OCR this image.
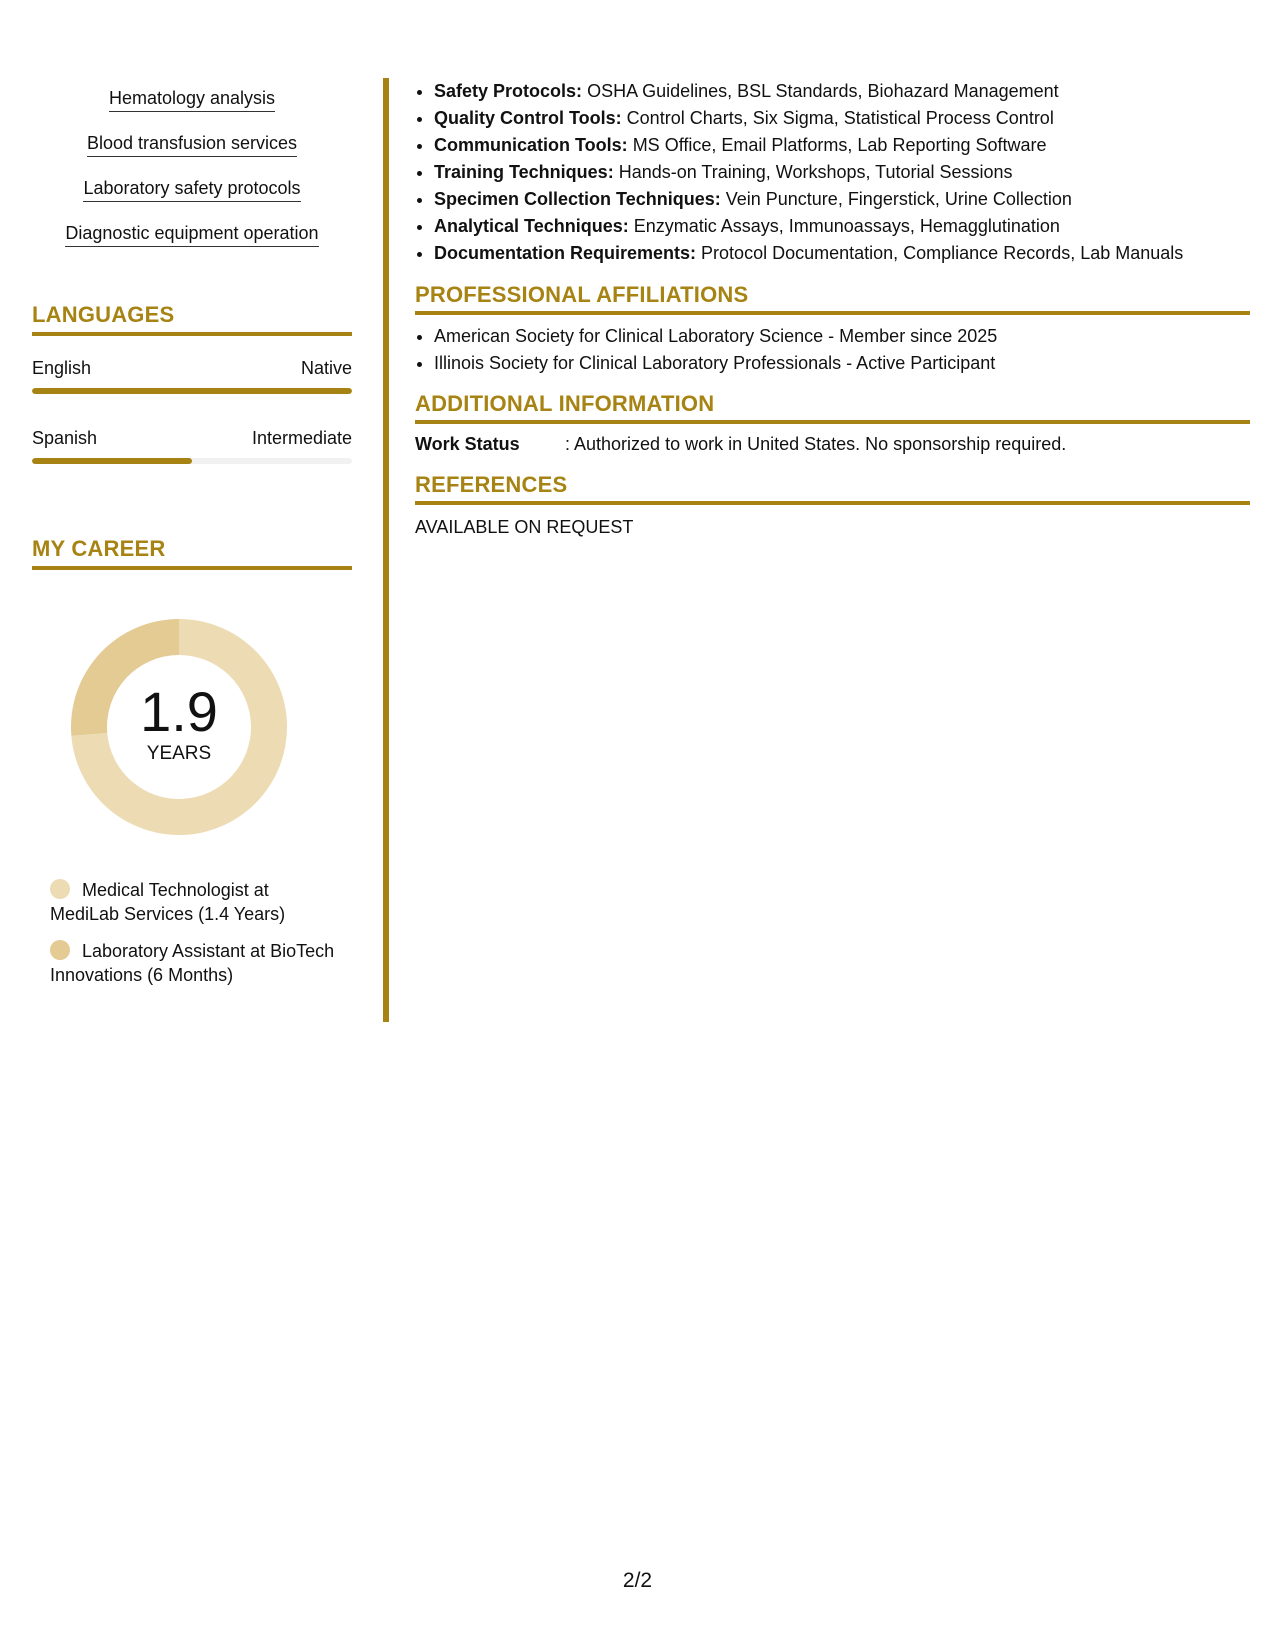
Hematology analysis
Blood transfusion services
Laboratory safety protocols
Diagnostic equipment operation
LANGUAGES
English	Native
Spanish	Intermediate
MY CAREER
1.9
YEARS
Medical Technologist at MediLab Services (1.4 Years)
Laboratory Assistant at BioTech Innovations (6 Months)
• Safety Protocols: OSHA Guidelines, BSL Standards, Biohazard Management
• Quality Control Tools: Control Charts, Six Sigma, Statistical Process Control
• Communication Tools: MS Office, Email Platforms, Lab Reporting Software
• Training Techniques: Hands-on Training, Workshops, Tutorial Sessions
• Specimen Collection Techniques: Vein Puncture, Fingerstick, Urine Collection
• Analytical Techniques: Enzymatic Assays, Immunoassays, Hemagglutination
• Documentation Requirements: Protocol Documentation, Compliance Records, Lab Manuals
PROFESSIONAL AFFILIATIONS
• American Society for Clinical Laboratory Science - Member since 2025
• Illinois Society for Clinical Laboratory Professionals - Active Participant
ADDITIONAL INFORMATION
Work Status	: Authorized to work in United States. No sponsorship required.
REFERENCES
AVAILABLE ON REQUEST
2/2
